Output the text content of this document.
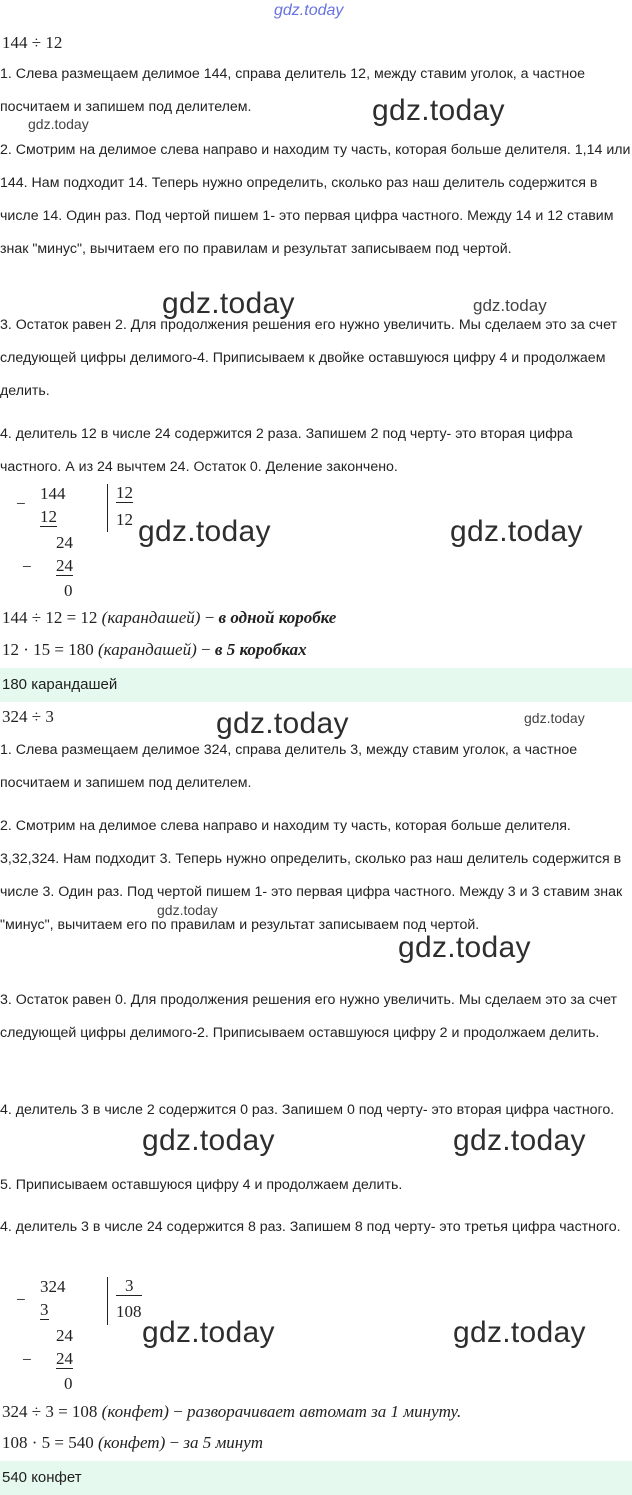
gdz.today
144 ÷ 12
1. Слева размещаем делимое 144, справа делитель 12, между ставим уголок, а частное посчитаем и запишем под делителем.
2. Смотрим на делимое слева направо и находим ту часть, которая больше делителя. 1,14 или 144. Нам подходит 14. Теперь нужно определить, сколько раз наш делитель содержится в числе 14. Один раз. Под чертой пишем 1- это первая цифра частного. Между 14 и 12 ставим знак "минус", вычитаем его по правилам и результат записываем под чертой.
3. Остаток равен 2. Для продолжения решения его нужно увеличить. Мы сделаем это за счет следующей цифры делимого-4. Приписываем к двойке оставшуюся цифру 4 и продолжаем делить.
4. делитель 12 в числе 24 содержится 2 раза. Запишем 2 под черту- это вторая цифра частного. А из 24 вычтем 24. Остаток 0. Деление закончено.
−
144
12
24
− 24
0
12
12
144 ÷ 12 = 12 (карандашей) − в одной коробке
12 · 15 = 180 (карандашей) − в 5 коробках
180 карандашей
324 ÷ 3
1. Слева размещаем делимое 324, справа делитель 3, между ставим уголок, а частное посчитаем и запишем под делителем.
2. Смотрим на делимое слева направо и находим ту часть, которая больше делителя. 3,32,324. Нам подходит 3. Теперь нужно определить, сколько раз наш делитель содержится в числе 3. Один раз. Под чертой пишем 1- это первая цифра частного. Между 3 и 3 ставим знак "минус", вычитаем его по правилам и результат записываем под чертой.
3. Остаток равен 0. Для продолжения решения его нужно увеличить. Мы сделаем это за счет следующей цифры делимого-2. Приписываем оставшуюся цифру 2 и продолжаем делить.
4. делитель 3 в числе 2 содержится 0 раз. Запишем 0 под черту- это вторая цифра частного.
5. Приписываем оставшуюся цифру 4 и продолжаем делить.
4. делитель 3 в числе 24 содержится 8 раз. Запишем 8 под черту- это третья цифра частного.
−
324
3
24
− 24
0
3
108
324 ÷ 3 = 108 (конфет) − разворачивает автомат за 1 минуту.
108 · 5 = 540 (конфет) − за 5 минут
540 конфет
gdz.today
gdz.today
gdz.today	gdz.today
gdz.today	gdz.today
gdz.today	gdz.today
gdz.today
gdz.today
gdz.today	gdz.today
gdz.today	gdz.today
